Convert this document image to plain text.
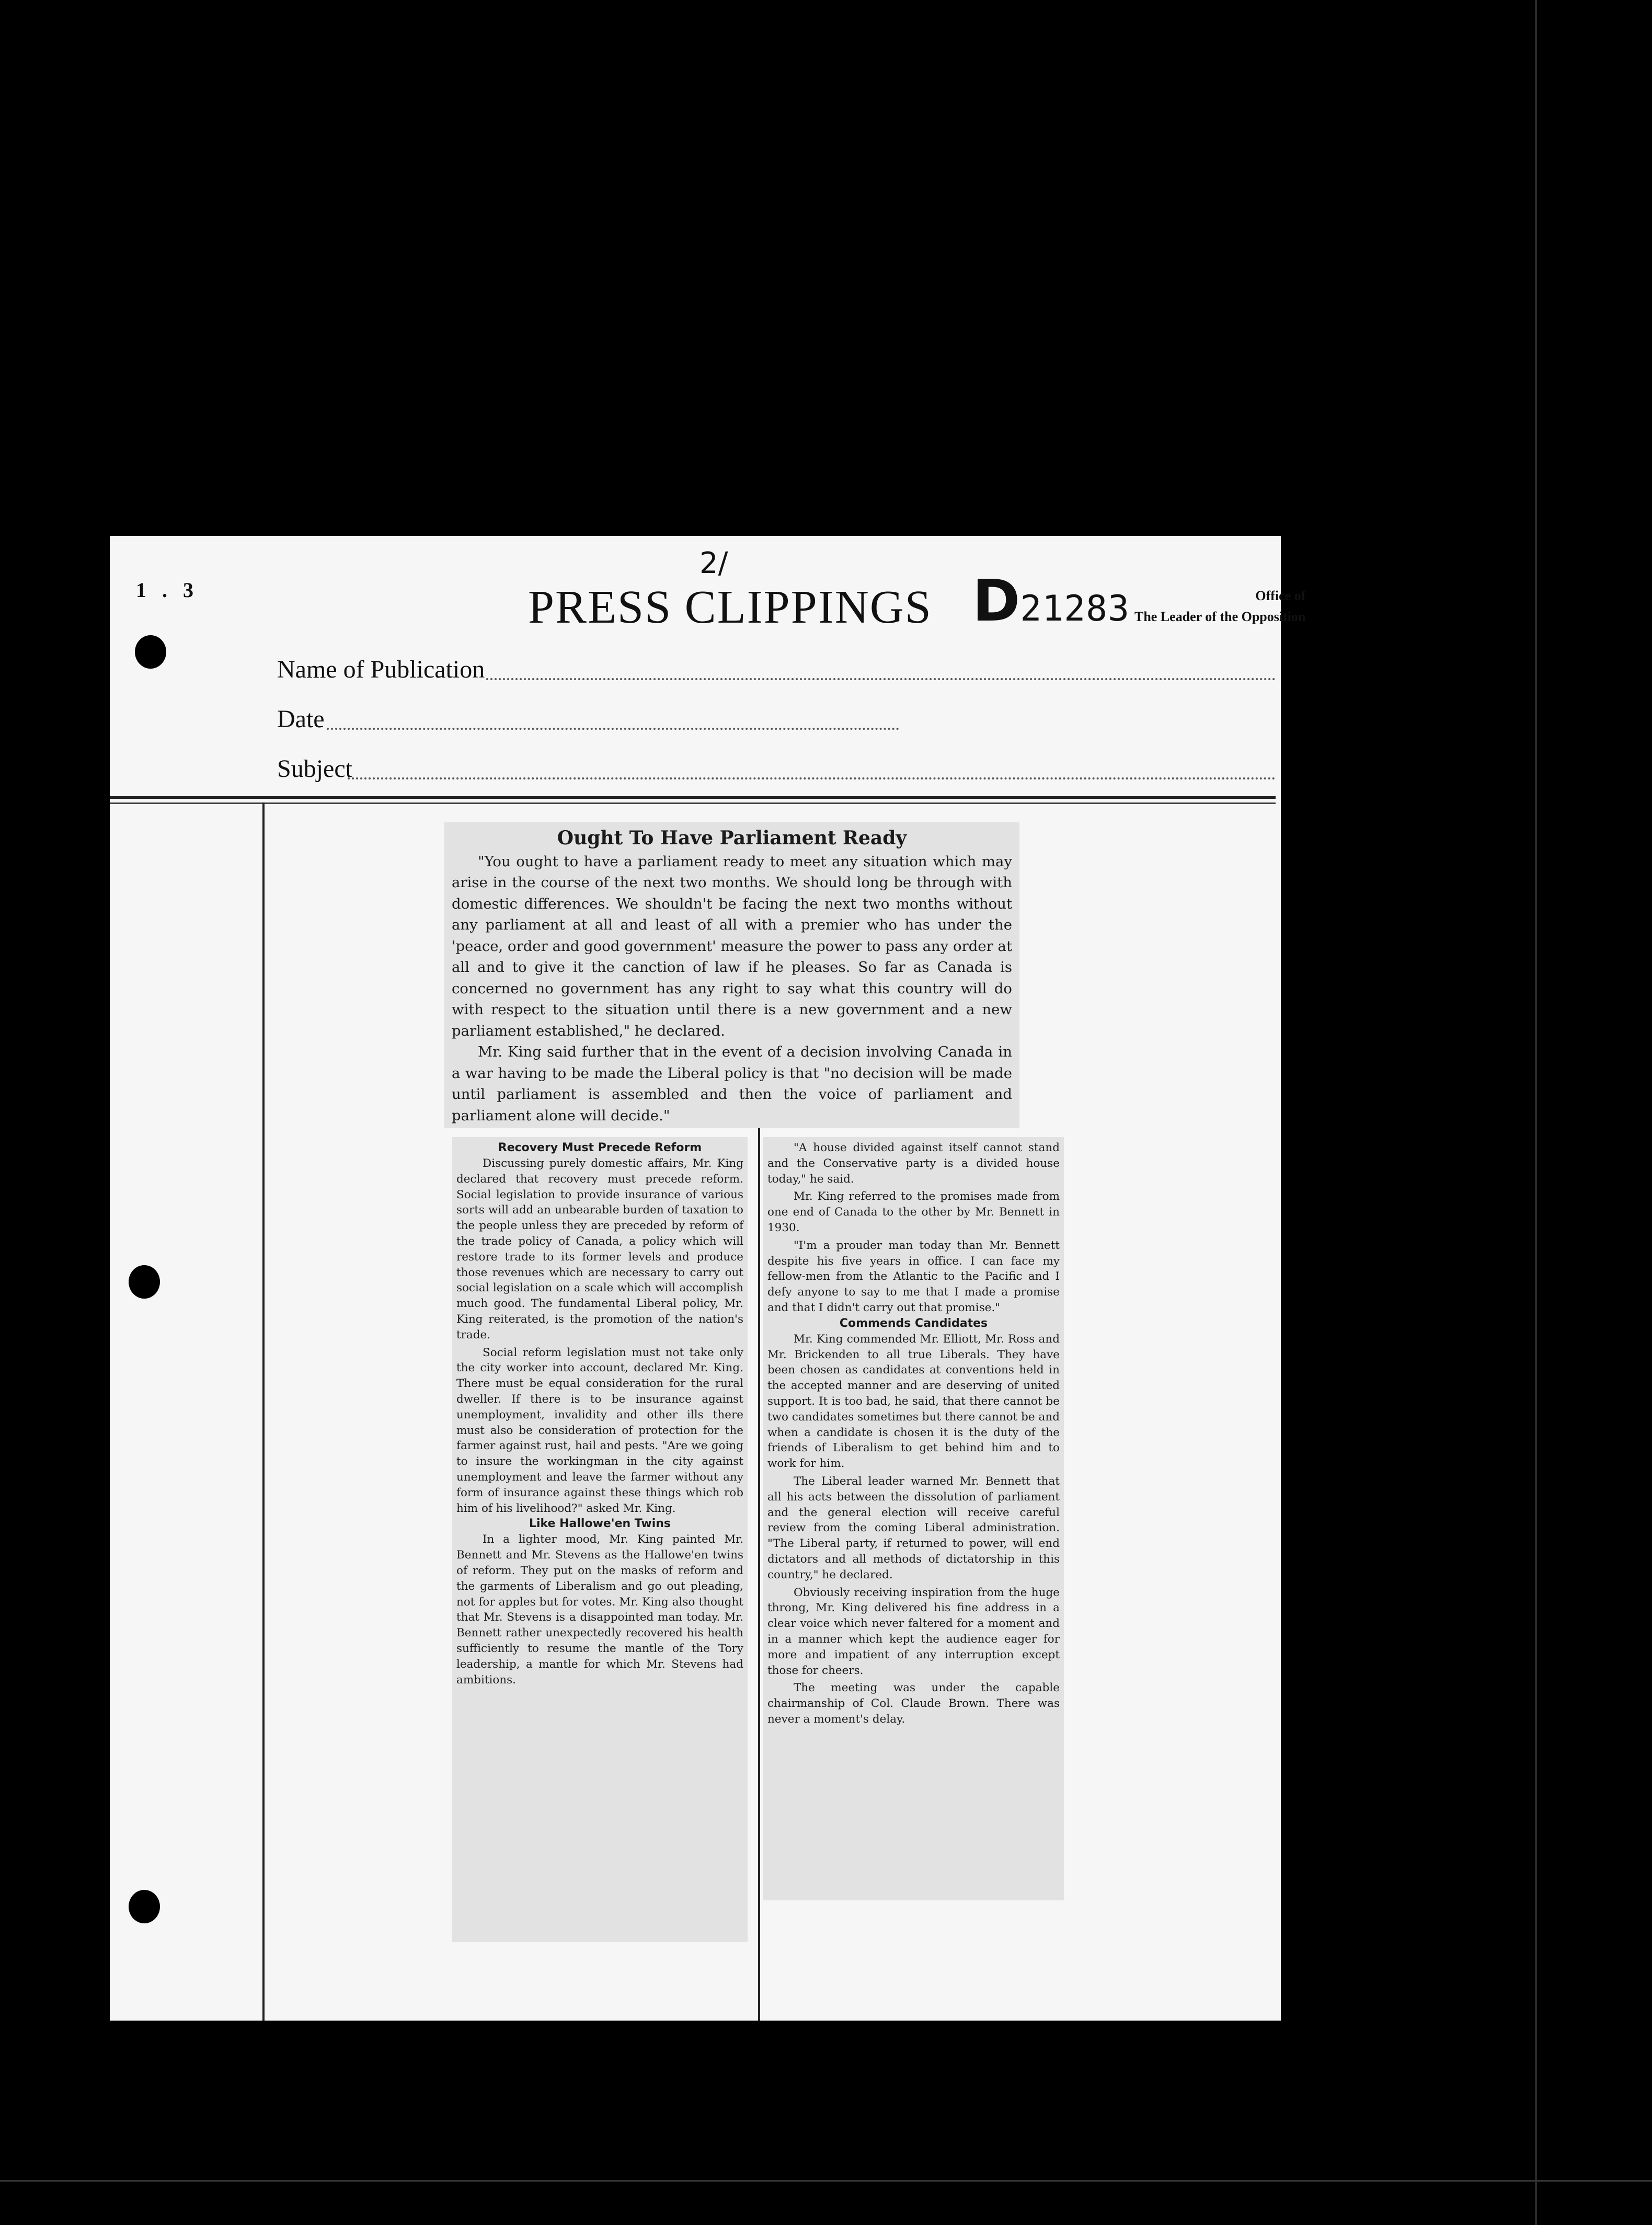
1 . 3
2/
PRESS CLIPPINGS D21283	Office of
The Leader of the Opposition
Name of Publication
Date
Subject
Ought To Have Parliament Ready

"You ought to have a parliament ready to meet any situation which may arise in the course of the next two months. We should long be through with domestic differences. We shouldn't be facing the next two months without any parliament at all and least of all with a premier who has under the 'peace, order and good government' measure the power to pass any order at all and to give it the canction of law if he pleases. So far as Canada is concerned no government has any right to say what this country will do with respect to the situation until there is a new government and a new parliament established," he declared.

Mr. King said further that in the event of a decision involving Canada in a war having to be made the Liberal policy is that "no decision will be made until parliament is assembled and then the voice of parliament and parliament alone will decide."

Recovery Must Precede Reform

Discussing purely domestic affairs, Mr. King declared that recovery must precede reform. Social legislation to provide insurance of various sorts will add an unbearable burden of taxation to the people unless they are preceded by reform of the trade policy of Canada, a policy which will restore trade to its former levels and produce those revenues which are necessary to carry out social legislation on a scale which will accomplish much good. The fundamental Liberal policy, Mr. King reiterated, is the promotion of the nation's trade.

Social reform legislation must not take only the city worker into account, declared Mr. King. There must be equal consideration for the rural dweller. If there is to be insurance against unemployment, invalidity and other ills there must also be consideration of protection for the farmer against rust, hail and pests. "Are we going to insure the workingman in the city against unemployment and leave the farmer without any form of insurance against these things which rob him of his livelihood?" asked Mr. King.

Like Hallowe'en Twins

In a lighter mood, Mr. King painted Mr. Bennett and Mr. Stevens as the Hallowe'en twins of reform. They put on the masks of reform and the garments of Liberalism and go out pleading, not for apples but for votes. Mr. King also thought that Mr. Stevens is a disappointed man today. Mr. Bennett rather unexpectedly recovered his health sufficiently to resume the mantle of the Tory leadership, a mantle for which Mr. Stevens had ambitions.

"A house divided against itself cannot stand and the Conservative party is a divided house today," he said.

Mr. King referred to the promises made from one end of Canada to the other by Mr. Bennett in 1930.

"I'm a prouder man today than Mr. Bennett despite his five years in office. I can face my fellow-men from the Atlantic to the Pacific and I defy anyone to say to me that I made a promise and that I didn't carry out that promise."

Commends Candidates

Mr. King commended Mr. Elliott, Mr. Ross and Mr. Brickenden to all true Liberals. They have been chosen as candidates at conventions held in the accepted manner and are deserving of united support. It is too bad, he said, that there cannot be two candidates sometimes but there cannot be and when a candidate is chosen it is the duty of the friends of Liberalism to get behind him and to work for him.

The Liberal leader warned Mr. Bennett that all his acts between the dissolution of parliament and the general election will receive careful review from the coming Liberal administration. "The Liberal party, if returned to power, will end dictators and all methods of dictatorship in this country," he declared.

Obviously receiving inspiration from the huge throng, Mr. King delivered his fine address in a clear voice which never faltered for a moment and in a manner which kept the audience eager for more and impatient of any interruption except those for cheers.

The meeting was under the capable chairmanship of Col. Claude Brown. There was never a moment's delay.
